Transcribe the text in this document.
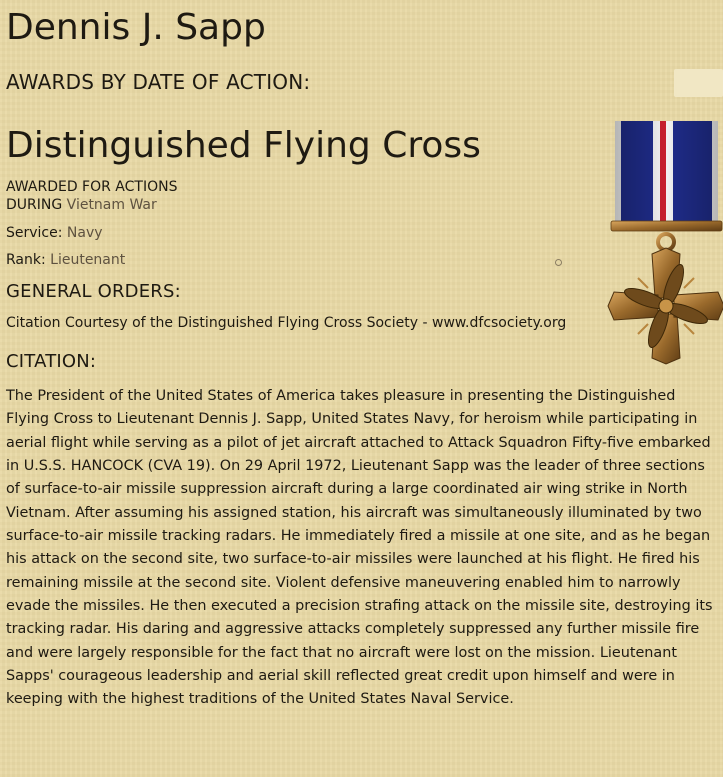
Dennis J. Sapp
AWARDS BY DATE OF ACTION:
Distinguished Flying Cross
AWARDED FOR ACTIONS
DURING Vietnam War
Service: Navy
Rank: Lieutenant
GENERAL ORDERS:
Citation Courtesy of the Distinguished Flying Cross Society - www.dfcsociety.org
CITATION:

The President of the United States of America takes pleasure in presenting the Distinguished Flying Cross to Lieutenant Dennis J. Sapp, United States Navy, for heroism while participating in aerial flight while serving as a pilot of jet aircraft attached to Attack Squadron Fifty-five embarked in U.S.S. HANCOCK (CVA 19). On 29 April 1972, Lieutenant Sapp was the leader of three sections of surface-to-air missile suppression aircraft during a large coordinated air wing strike in North Vietnam. After assuming his assigned station, his aircraft was simultaneously illuminated by two surface-to-air missile tracking radars. He immediately fired a missile at one site, and as he began his attack on the second site, two surface-to-air missiles were launched at his flight. He fired his remaining missile at the second site. Violent defensive maneuvering enabled him to narrowly evade the missiles. He then executed a precision strafing attack on the missile site, destroying its tracking radar. His daring and aggressive attacks completely suppressed any further missile fire and were largely responsible for the fact that no aircraft were lost on the mission. Lieutenant Sapps' courageous leadership and aerial skill reflected great credit upon himself and were in keeping with the highest traditions of the United States Naval Service.
